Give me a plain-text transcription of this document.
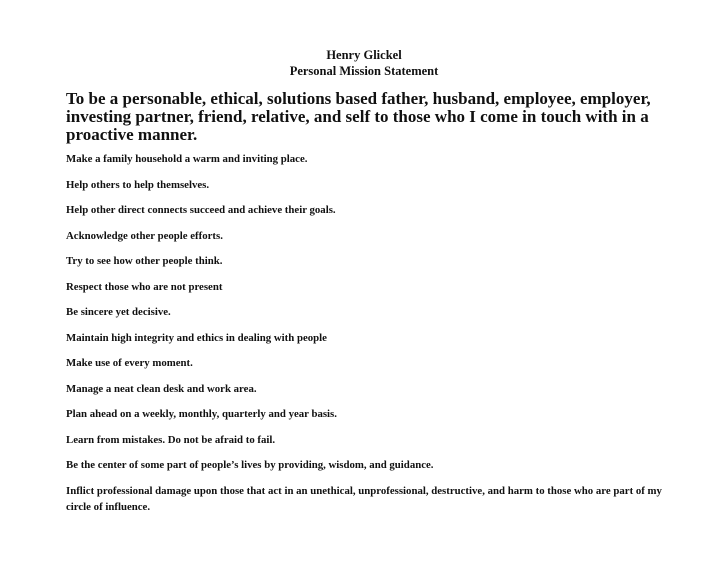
Henry Glickel
Personal Mission Statement
To be a personable, ethical, solutions based father, husband, employee, employer, investing partner, friend, relative, and self to those who I come in touch with in a proactive manner.
Make a family household a warm and inviting place.
Help others to help themselves.
Help other direct connects succeed and achieve their goals.
Acknowledge other people efforts.
Try to see how other people think.
Respect those who are not present
Be sincere yet decisive.
Maintain high integrity and ethics in dealing with people
Make use of every moment.
Manage a neat clean desk and work area.
Plan ahead on a weekly, monthly, quarterly and year basis.
Learn from mistakes. Do not be afraid to fail.
Be the center of some part of people’s lives by providing, wisdom, and guidance.
Inflict professional damage upon those that act in an unethical, unprofessional, destructive, and harm to those who are part of my circle of influence.
